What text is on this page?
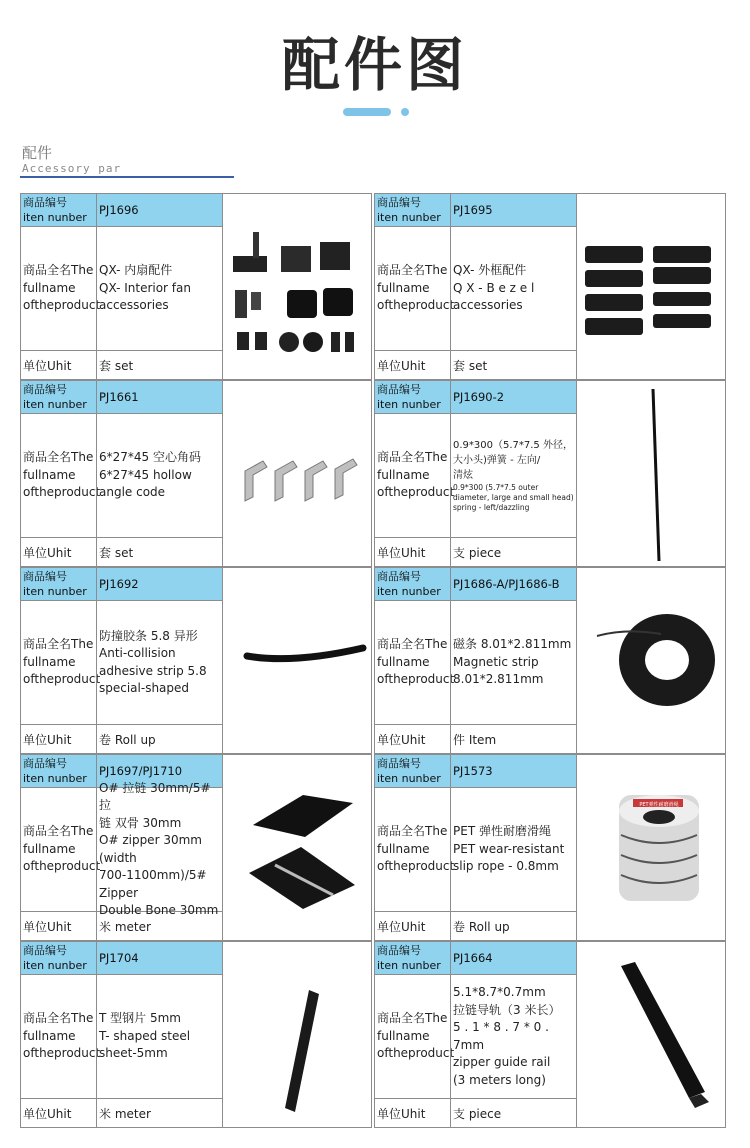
配件图
配件
Accessory par
商品编号
iten nunber
商品全名The fullname oftheproduct
单位Uhit
PJ1696
QX- 内扇配件
QX- Interior fan
accessories
套 set
商品编号
iten nunber
商品全名The fullname oftheproduct
单位Uhit
PJ1695
QX- 外框配件
Q X - B e z e l
accessories
套 set
商品编号
iten nunber
商品全名The fullname oftheproduct
单位Uhit
PJ1661
6*27*45 空心角码
6*27*45 hollow
angle code
套 set
商品编号
iten nunber
商品全名The fullname oftheproduct
单位Uhit
PJ1690-2
0.9*300（5.7*7.5 外径，
大小头)弹簧 - 左向/
清炫
0.9*300 (5.7*7.5 outer diameter, large and small head) spring - left/dazzling
支 piece
商品编号
iten nunber
商品全名The fullname oftheproduct
单位Uhit
PJ1692
防撞胶条 5.8 异形
Anti-collision
adhesive strip 5.8
special-shaped
卷 Roll up
商品编号
iten nunber
商品全名The fullname oftheproduct
单位Uhit
PJ1686-A/PJ1686-B
磁条 8.01*2.811mm
Magnetic strip
8.01*2.811mm
件 Item
商品编号
iten nunber
商品全名The fullname oftheproduct
单位Uhit
PJ1697/PJ1710
O# 拉链 30mm/5# 拉
链 双骨 30mm
O# zipper 30mm
(width
700-1100mm)/5#
Zipper
Double Bone 30mm
米 meter
商品编号
iten nunber
商品全名The fullname oftheproduct
单位Uhit
PJ1573
PET 弹性耐磨滑绳
PET wear-resistant
slip rope - 0.8mm
卷 Roll up
PET弹性耐磨滑绳
商品编号
iten nunber
商品全名The fullname oftheproduct
单位Uhit
PJ1704
T 型钢片 5mm
T- shaped steel
sheet-5mm
米 meter
商品编号
iten nunber
商品全名The fullname oftheproduct
单位Uhit
PJ1664
5.1*8.7*0.7mm
拉链导轨（3 米长）
5 . 1 * 8 . 7 * 0 . 7mm
zipper guide rail
(3 meters long)
支 piece
